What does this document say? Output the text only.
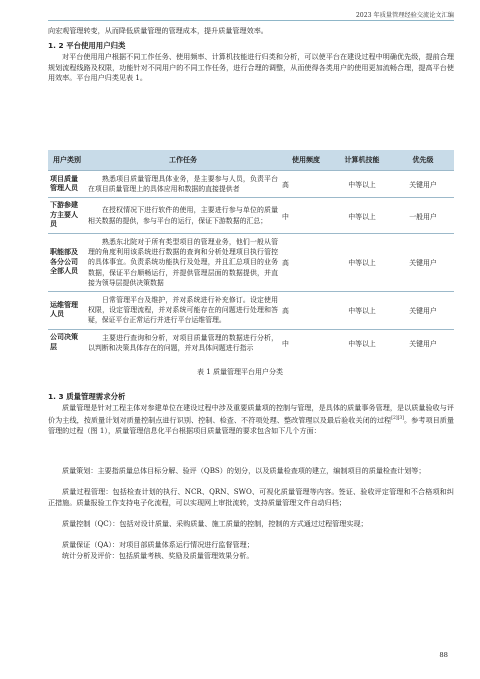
2023 年质量管理经验交流论文汇编
向宏观管理转变，从而降低质量管理的管理成本，提升质量管理效率。
1. 2 平台使用用户归类
对平台使用用户根据不同工作任务、使用频率、计算机技能进行归类和分析，可以使平台在建设过程中明确优先级，提前合理规划流程线路及权限，功能针对不同用户的不同工作任务，进行合理的调整，从而使得各类用户的使用更加流畅合理，提高平台使用效率。平台用户归类见表 1。
用户类别	工作任务	使用频度	计算机技能	优先级
项目质量管理人员	熟悉项目质量管理具体业务，是主要参与人员，负责平台在项目质量管理上的具体应用和数据的直接提供者	高	中等以上	关键用户
下游参建方主要人员	在授权情况下进行软件的使用，主要进行参与单位的质量相关数据的提供，参与平台的运行，保证下游数据的汇总；	中	中等以上	一般用户
职能部及各分公司全部人员	熟悉东北院对于所有类型项目的管理业务，他们一般从管理的角度利用该系统进行数据的查询和分析处理项目执行管控的具体事宜。负责系统功能执行及处理，并且汇总项目的业务数据，保证平台顺畅运行，并提供管理层面的数据提供，并直接为领导层提供决策数据	高	中等以上	关键用户
运维管理人员	日常管理平台及维护，并对系统进行补充修订。设定使用权限，设定管理流程，并对系统可能存在的问题进行处理和答疑，保证平台正常运行并进行平台运维管理。	高	中等以上	关键用户
公司决策层	主要进行查询和分析，对项目质量管理的数据进行分析，以判断和决策具体存在的问题，并对具体问题进行指示	中	中等以上	关键用户
表 1 质量管理平台用户分类
1. 3 质量管理需求分析
质量管理是针对工程主体对参建单位在建设过程中涉及重要质量项的控制与管理，是具体的质量事务管理，是以质量验收与评价为主线，按质量计划对质量控制点进行识别、控制、检查、不符项处理、整改管理以及最后验收关闭的过程[2][3]。参考项目质量管理的过程（图 1），质量管理信息化平台根据项目质量管理的要求包含如下几个方面：
质量策划：主要指质量总体目标分解、验评（QBS）的划分，以及质量检查项的建立，编制项目的质量检查计划等；
质量过程管理：包括检查计划的执行、NCR、QRN、SWO、可视化质量管理等内容。签证、验收评定管理和不合格项和纠正措施。质量报验工作支持电子化流程，可以实现网上审批流转，支持质量管理文件自动归档；
质量控制（QC）：包括对设计质量、采购质量、施工质量的控制，控制的方式通过过程管理实现；
质量保证（QA）：对项目部质量体系运行情况进行监督管理；
统计分析及评价：包括质量考核、奖励及质量管理效果分析。
88
